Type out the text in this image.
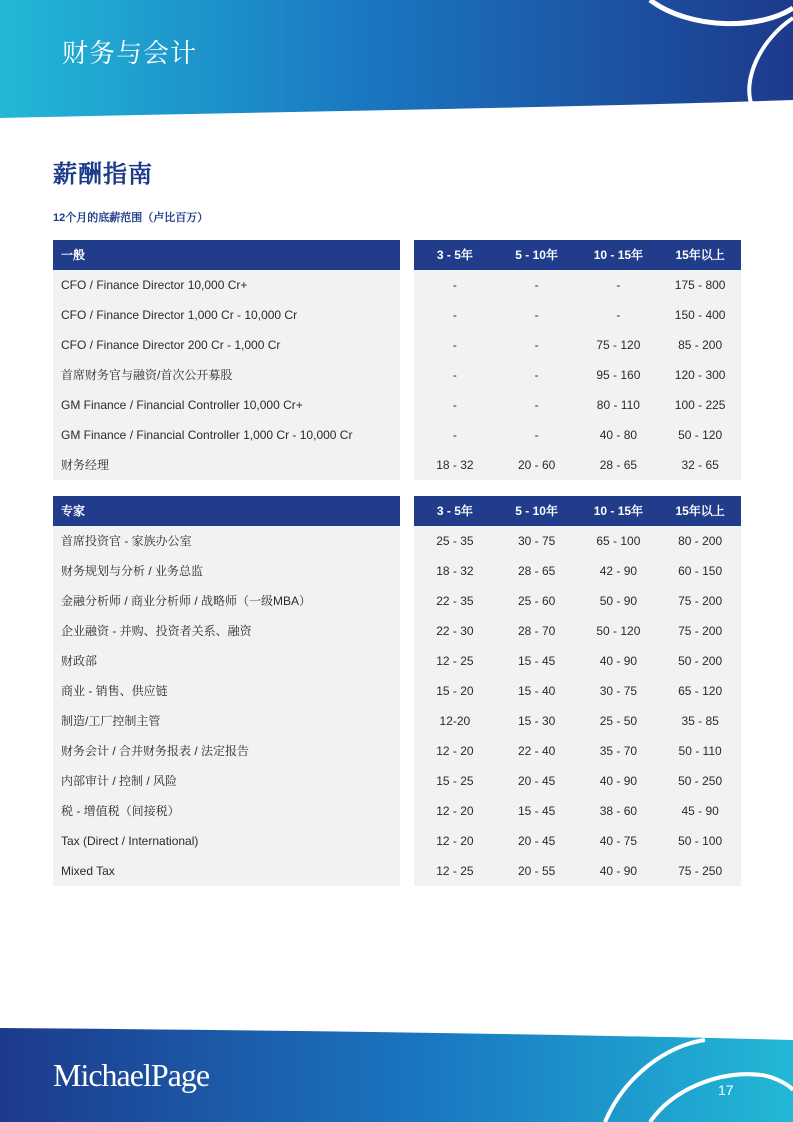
财务与会计
薪酬指南
12个月的底薪范围（卢比百万）
一般	3 - 5年	5 - 10年	10 - 15年	15年以上
CFO / Finance Director 10,000 Cr+	-	-	-	175 - 800
CFO / Finance Director 1,000 Cr - 10,000 Cr	-	-	-	150 - 400
CFO / Finance Director 200 Cr - 1,000 Cr	-	-	75 - 120	85 - 200
首席财务官与融资/首次公开募股	-	-	95 - 160	120 - 300
GM Finance / Financial Controller 10,000 Cr+	-	-	80 - 110	100 - 225
GM Finance / Financial Controller 1,000 Cr - 10,000 Cr	-	-	40 - 80	50 - 120
财务经理	18 - 32	20 - 60	28 - 65	32 - 65
专家	3 - 5年	5 - 10年	10 - 15年	15年以上
首席投资官 - 家族办公室	25 - 35	30 - 75	65 - 100	80 - 200
财务规划与分析 / 业务总监	18 - 32	28 - 65	42 - 90	60 - 150
金融分析师 / 商业分析师 / 战略师（一级MBA）	22 - 35	25 - 60	50 - 90	75 - 200
企业融资 - 并购、投资者关系、融资	22 - 30	28 - 70	50 - 120	75 - 200
财政部	12 - 25	15 - 45	40 - 90	50 - 200
商业 - 销售、供应链	15 - 20	15 - 40	30 - 75	65 - 120
制造/工厂控制主管	12-20	15 - 30	25 - 50	35 - 85
财务会计 / 合并财务报表 / 法定报告	12 - 20	22 - 40	35 - 70	50 - 110
内部审计 / 控制 / 风险	15 - 25	20 - 45	40 - 90	50 - 250
税 - 增值税（间接税）	12 - 20	15 - 45	38 - 60	45 - 90
Tax (Direct / International)	12 - 20	20 - 45	40 - 75	50 - 100
Mixed Tax	12 - 25	20 - 55	40 - 90	75 - 250
MichaelPage	17
